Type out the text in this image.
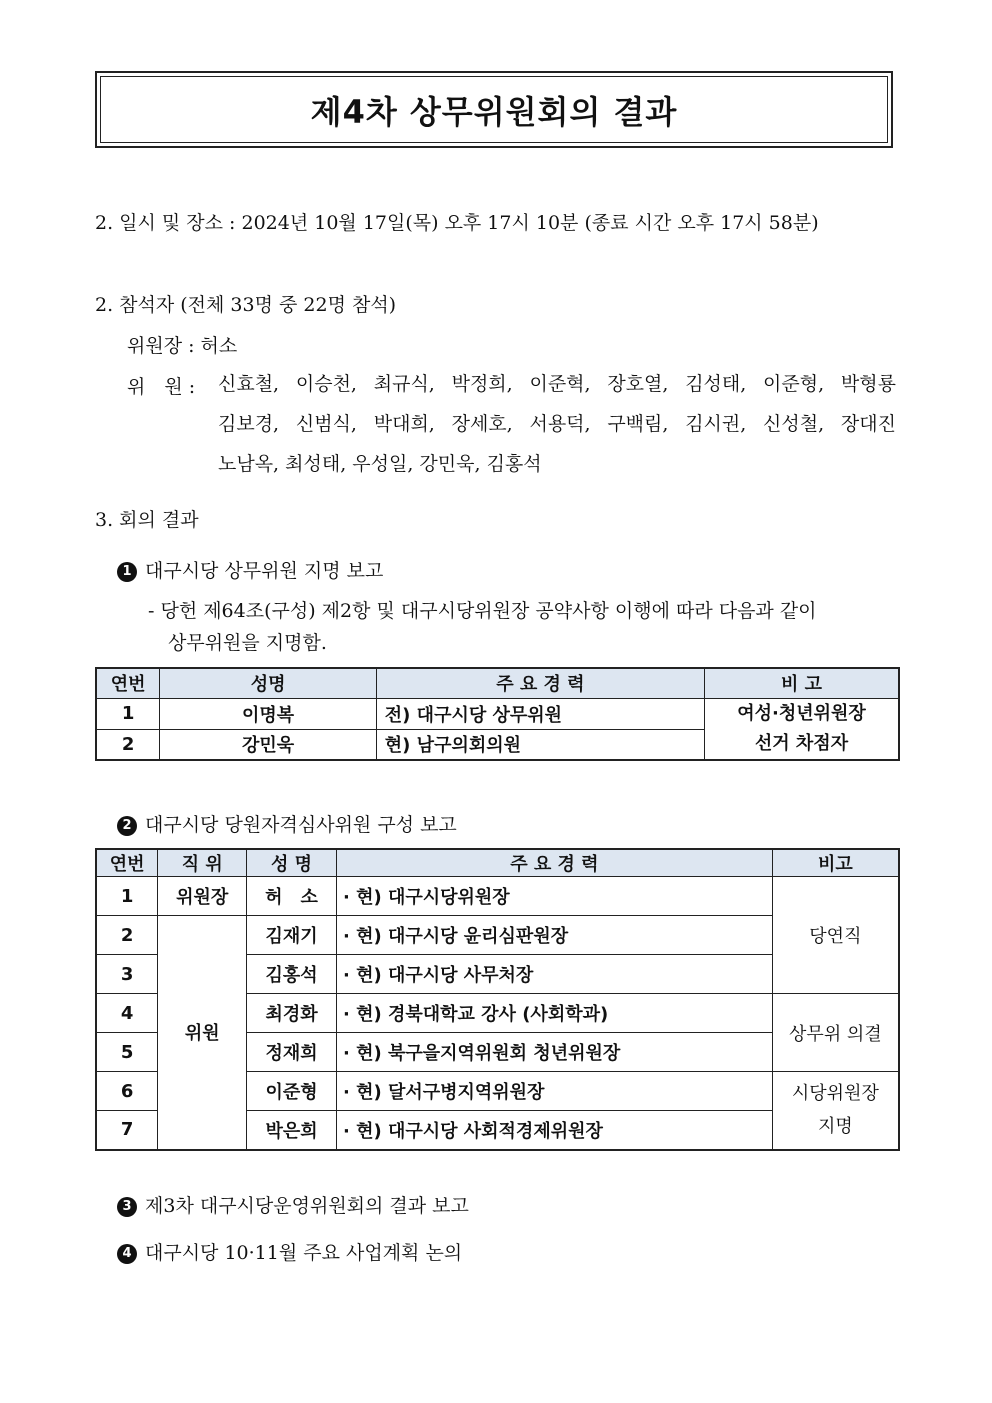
제4차 상무위원회의 결과
2. 일시 및 장소 : 2024년 10월 17일(목) 오후 17시 10분 (종료 시간 오후 17시 58분)
2. 참석자 (전체 33명 중 22명 참석)
위원장 : 허소
위　원 : 신효철, 이승천, 최규식, 박정희, 이준혁, 장호열, 김성태, 이준형, 박형룡
김보경, 신범식, 박대희, 장세호, 서용덕, 구백림, 김시권, 신성철, 장대진
노남옥, 최성태, 우성일, 강민욱, 김홍석
3. 회의 결과
1 대구시당 상무위원 지명 보고
- 당헌 제64조(구성) 제2항 및 대구시당위원장 공약사항 이행에 따라 다음과 같이
상무위원을 지명함.
연번	성명	주 요 경 력	비 고
1	이명복	전) 대구시당 상무위원	여성·청년위원장
선거 차점자

2	강민욱	현) 남구의회의원	
2 대구시당 당원자격심사위원 구성 보고
연번	직 위	성 명	주 요 경 력	비고
1	위원장	허　소	· 현) 대구시당위원장	당연직
2	위원	김재기	· 현) 대구시당 윤리심판원장	
3		김홍석	· 현) 대구시당 사무처장	
4		최경화	· 현) 경북대학교 강사 (사회학과)	상무위 의결
5		정재희	· 현) 북구을지역위원회 청년위원장	
6		이준형	· 현) 달서구병지역위원장	시당위원장
지명

7		박은희	· 현) 대구시당 사회적경제위원장	
3 제3차 대구시당운영위원회의 결과 보고
4 대구시당 10·11월 주요 사업계획 논의
